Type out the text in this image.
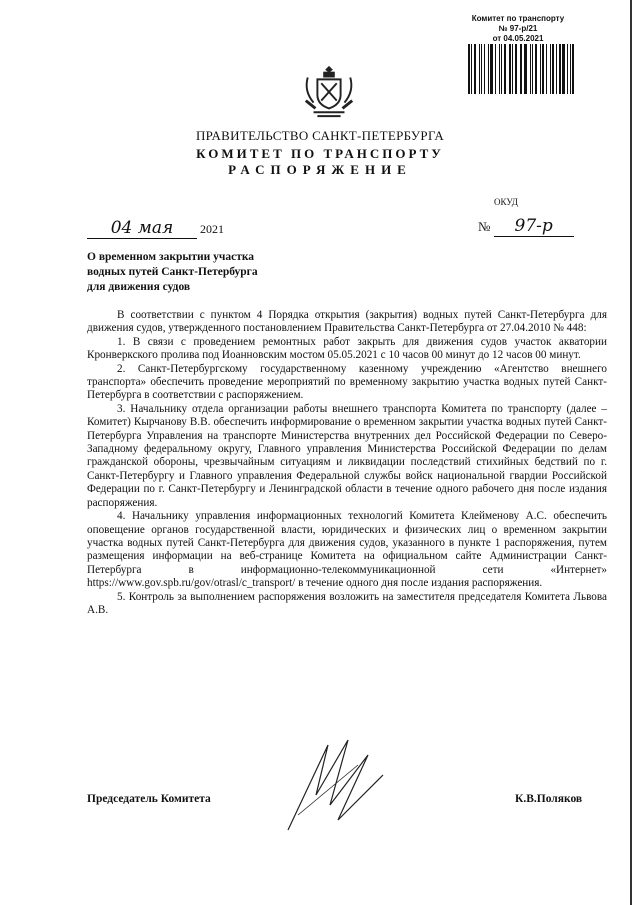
Комитет по транспорту
№ 97-р/21
от 04.05.2021
ПРАВИТЕЛЬСТВО САНКТ-ПЕТЕРБУРГА
КОМИТЕТ ПО ТРАНСПОРТУ
РАСПОРЯЖЕНИЕ
ОКУД
04 мая 2021	№ 97-р
О временном закрытии участка
водных путей Санкт-Петербурга
для движения судов

В соответствии с пунктом 4 Порядка открытия (закрытия) водных путей Санкт-Петербурга для движения судов, утвержденного постановлением Правительства Санкт-Петербурга от 27.04.2010 № 448:

1. В связи с проведением ремонтных работ закрыть для движения судов участок акватории Кронверкского пролива под Иоанновским мостом 05.05.2021 с 10 часов 00 минут до 12 часов 00 минут.

2. Санкт-Петербургскому государственному казенному учреждению «Агентство внешнего транспорта» обеспечить проведение мероприятий по временному закрытию участка водных путей Санкт-Петербурга в соответствии с распоряжением.

3. Начальнику отдела организации работы внешнего транспорта Комитета по транспорту (далее – Комитет) Кырчанову В.В. обеспечить информирование о временном закрытии участка водных путей Санкт-Петербурга Управления на транспорте Министерства внутренних дел Российской Федерации по Северо-Западному федеральному округу, Главного управления Министерства Российской Федерации по делам гражданской обороны, чрезвычайным ситуациям и ликвидации последствий стихийных бедствий по г. Санкт-Петербургу и Главного управления Федеральной службы войск национальной гвардии Российской Федерации по г. Санкт-Петербургу и Ленинградской области в течение одного рабочего дня после издания распоряжения.

4. Начальнику управления информационных технологий Комитета Клейменову А.С. обеспечить оповещение органов государственной власти, юридических и физических лиц о временном закрытии участка водных путей Санкт-Петербурга для движения судов, указанного в пункте 1 распоряжения, путем размещения информации на веб-странице Комитета на официальном сайте Администрации Санкт-Петербурга в информационно-телекоммуникационной сети «Интернет» https://www.gov.spb.ru/gov/otrasl/c_transport/ в течение одного дня после издания распоряжения.

5. Контроль за выполнением распоряжения возложить на заместителя председателя Комитета Львова А.В.

Председатель Комитета	К.В.Поляков
